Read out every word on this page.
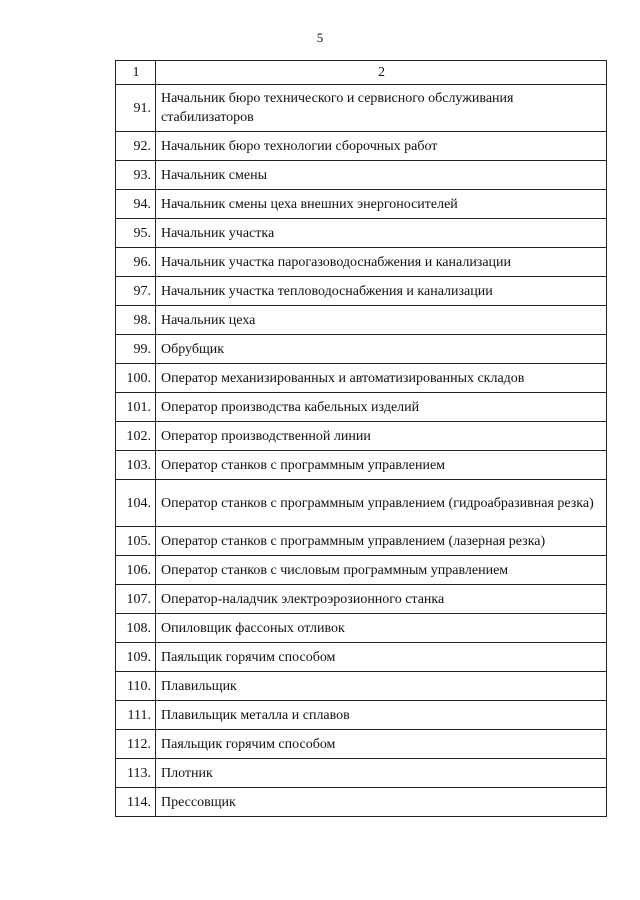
5
1	2
91.	Начальник бюро технического и сервисного обслуживания стабилизаторов
92.	Начальник бюро технологии сборочных работ
93.	Начальник смены
94.	Начальник смены цеха внешних энергоносителей
95.	Начальник участка
96.	Начальник участка парогазоводоснабжения и канализации
97.	Начальник участка тепловодоснабжения и канализации
98.	Начальник цеха
99.	Обрубщик
100.	Оператор механизированных и автоматизированных складов
101.	Оператор производства кабельных изделий
102.	Оператор производственной линии
103.	Оператор станков с программным управлением
104.	Оператор станков с программным управлением (гидроабразивная резка)
105.	Оператор станков с программным управлением (лазерная резка)
106.	Оператор станков с числовым программным управлением
107.	Оператор-наладчик электроэрозионного станка
108.	Опиловщик фассоных отливок
109.	Паяльщик горячим способом
110.	Плавильщик
111.	Плавильщик металла и сплавов
112.	Паяльщик горячим способом
113.	Плотник
114.	Прессовщик
